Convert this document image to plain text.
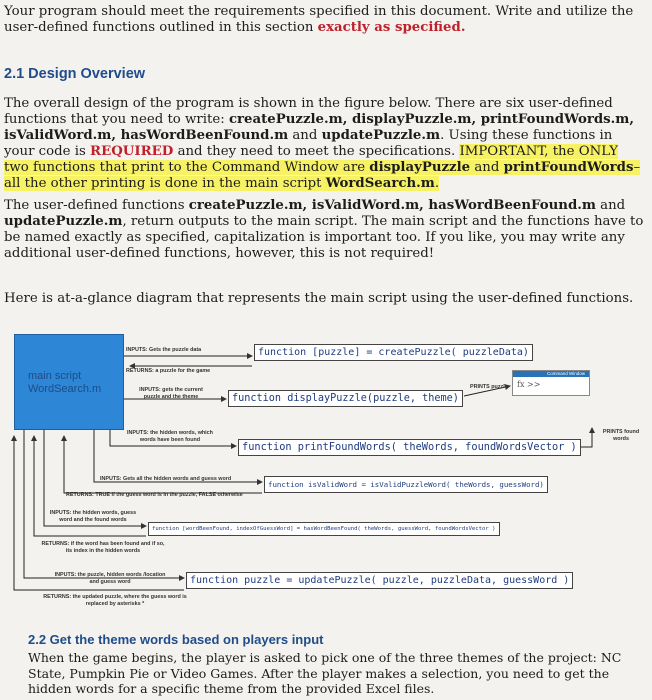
Your program should meet the requirements specified in this document. Write and utilize the user-defined functions outlined in this section exactly as specified.
2.1 Design Overview
The overall design of the program is shown in the figure below. There are six user-defined functions that you need to write: createPuzzle.m, displayPuzzle.m, printFoundWords.m, isValidWord.m, hasWordBeenFound.m and updatePuzzle.m. Using these functions in your code is REQUIRED and they need to meet the specifications. IMPORTANT, the ONLY two functions that print to the Command Window are displayPuzzle and printFoundWords– all the other printing is done in the main script WordSearch.m.
The user-defined functions createPuzzle.m, isValidWord.m, hasWordBeenFound.m and updatePuzzle.m, return outputs to the main script. The main script and the functions have to be named exactly as specified, capitalization is important too. If you like, you may write any additional user-defined functions, however, this is not required!
Here is at-a-glance diagram that represents the main script using the user-defined functions.
main script
WordSearch.m
INPUTS: Gets the puzzle data
RETURNS: a puzzle for the game
function [puzzle] = createPuzzle( puzzleData)
INPUTS: gets the current
puzzle and the theme	function displayPuzzle(puzzle, theme)
PRINTS puzzle
Command Window
fx >>
INPUTS: the hidden words, which
words have been found
function printFoundWords( theWords, foundWordsVector )
PRINTS found
words
INPUTS: Gets all the hidden words and guess word
function isValidWord = isValidPuzzleWord( theWords, guessWord)
RETURNS: TRUE if the guess word is in the puzzle, FALSE otherwise
INPUTS: the hidden words, guess
word and the found words
function [wordBeenFound, indexOfGuessWord] = hasWordBeenFound( theWords, guessWord, foundWordsVector )
RETURNS: if the word has been found and if so,
its index in the hidden words
INPUTS: the puzzle, hidden words /location
and guess word	function puzzle = updatePuzzle( puzzle, puzzleData, guessWord )
RETURNS: the updated puzzle, where the guess word is
replaced by asterisks *
2.2 Get the theme words based on players input
When the game begins, the player is asked to pick one of the three themes of the project: NC State, Pumpkin Pie or Video Games. After the player makes a selection, you need to get the hidden words for a specific theme from the provided Excel files.
